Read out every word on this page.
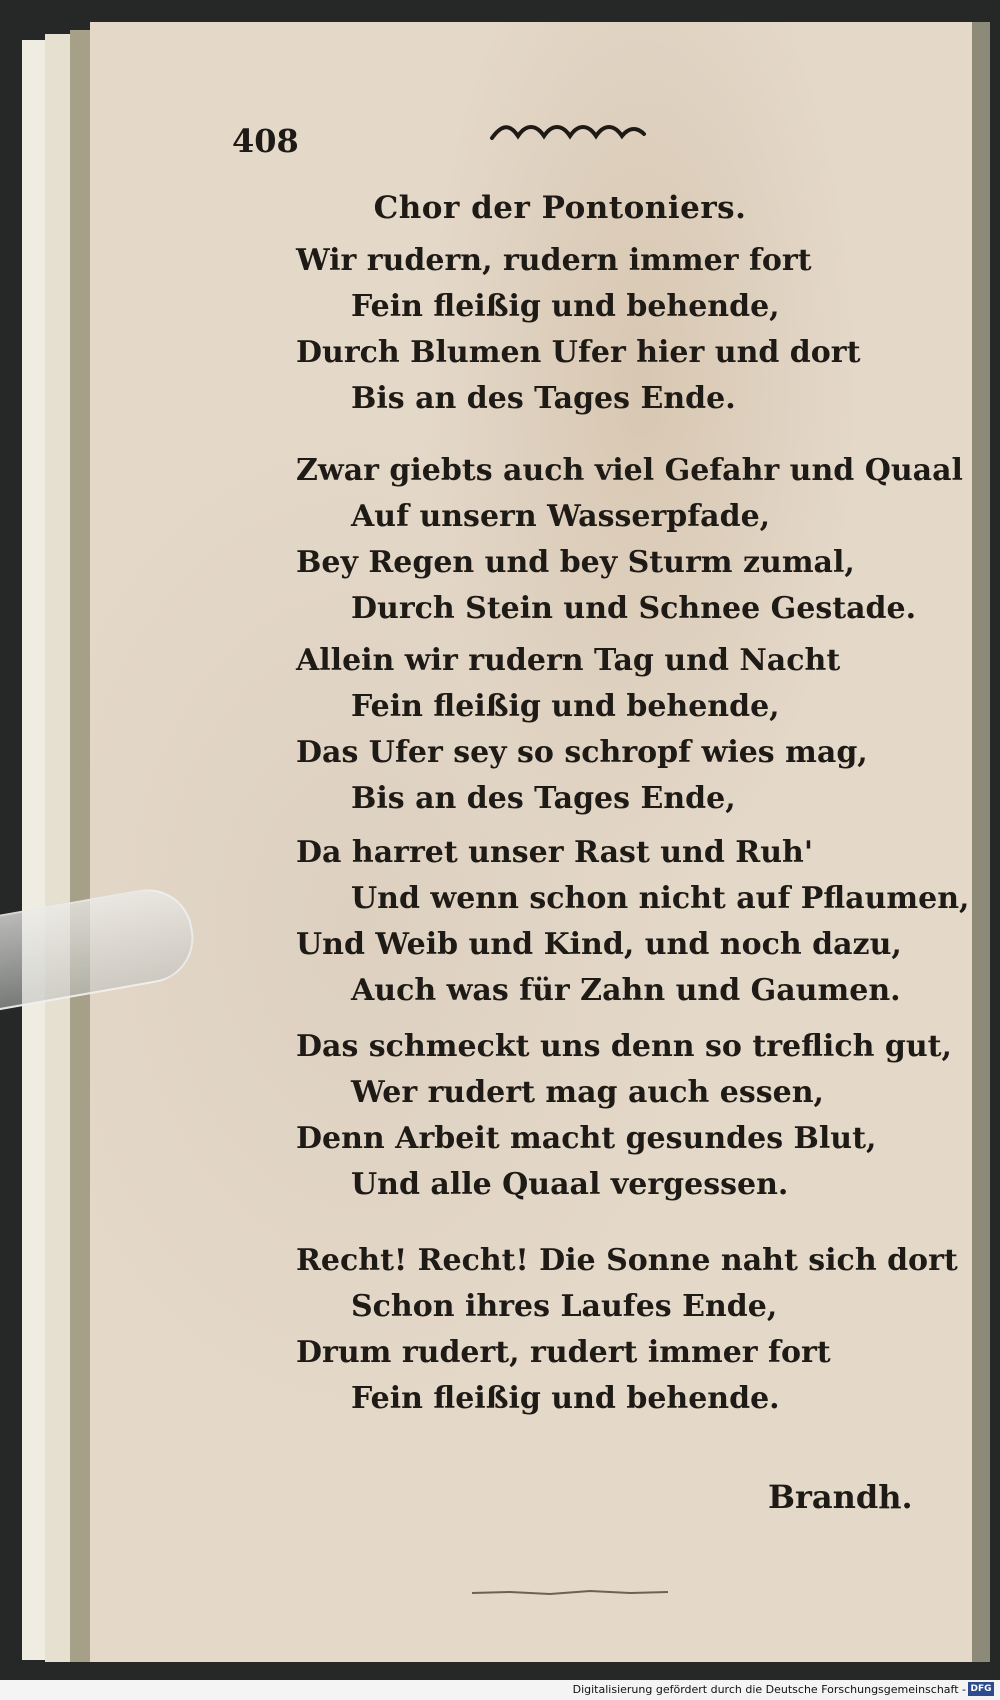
408
Chor der Pontoniers.
Wir rudern, rudern immer fort
Fein fleißig und behende,
Durch Blumen Ufer hier und dort
Bis an des Tages Ende.
Zwar giebts auch viel Gefahr und Quaal
Auf unsern Wasserpfade,
Bey Regen und bey Sturm zumal,
Durch Stein und Schnee Gestade.
Allein wir rudern Tag und Nacht
Fein fleißig und behende,
Das Ufer sey so schropf wies mag,
Bis an des Tages Ende,
Da harret unser Rast und Ruh'
Und wenn schon nicht auf Pflaumen,
Und Weib und Kind, und noch dazu,
Auch was für Zahn und Gaumen.
Das schmeckt uns denn so treflich gut,
Wer rudert mag auch essen,
Denn Arbeit macht gesundes Blut,
Und alle Quaal vergessen.
Recht! Recht! Die Sonne naht sich dort
Schon ihres Laufes Ende,
Drum rudert, rudert immer fort
Fein fleißig und behende.
Brandh.
Digitalisierung gefördert durch die Deutsche Forschungsgemeinschaft - DFG
